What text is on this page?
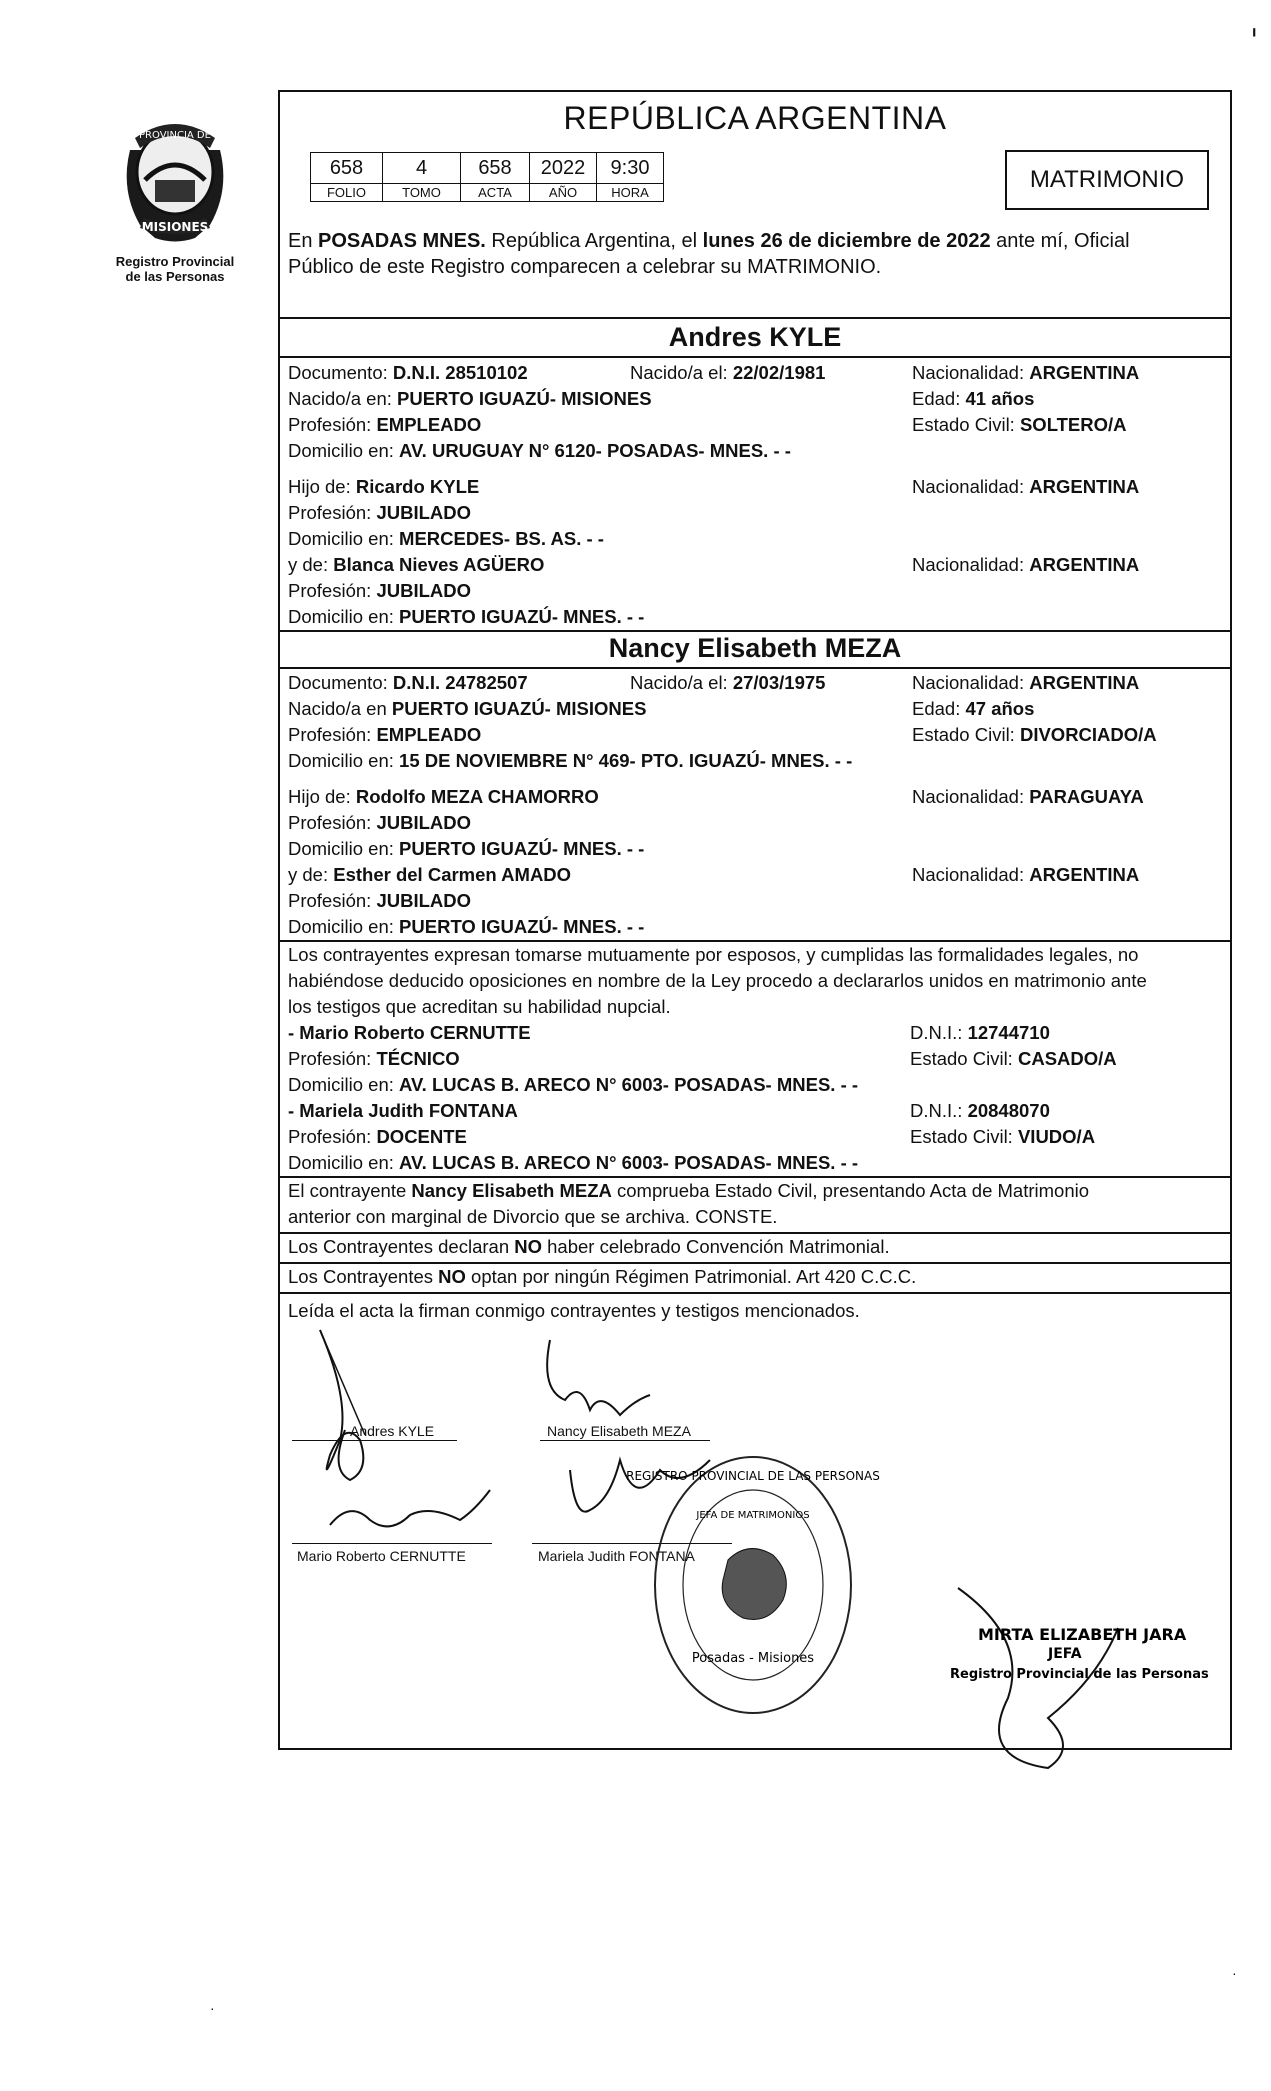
╻
PROVINCIA DE
MISIONES
Registro Provincial
de las Personas
REPÚBLICA ARGENTINA
658	4	658	2022	9:30
FOLIO	TOMO	ACTA	AÑO	HORA	MATRIMONIO
En POSADAS MNES. República Argentina, el lunes 26 de diciembre de 2022 ante mí, Oficial
Público de este Registro comparecen a celebrar su MATRIMONIO.
Andres KYLE
Documento: D.N.I. 28510102	Nacido/a el: 22/02/1981	Nacionalidad: ARGENTINA
Nacido/a en: PUERTO IGUAZÚ- MISIONES	Edad: 41 años
Profesión: EMPLEADO	Estado Civil: SOLTERO/A
Domicilio en: AV. URUGUAY N° 6120- POSADAS- MNES. - -
Hijo de: Ricardo KYLE	Nacionalidad: ARGENTINA
Profesión: JUBILADO
Domicilio en: MERCEDES- BS. AS. - -
y de: Blanca Nieves AGÜERO	Nacionalidad: ARGENTINA
Profesión: JUBILADO
Domicilio en: PUERTO IGUAZÚ- MNES. - -
Nancy Elisabeth MEZA
Documento: D.N.I. 24782507	Nacido/a el: 27/03/1975	Nacionalidad: ARGENTINA
Nacido/a en PUERTO IGUAZÚ- MISIONES	Edad: 47 años
Profesión: EMPLEADO	Estado Civil: DIVORCIADO/A
Domicilio en: 15 DE NOVIEMBRE N° 469- PTO. IGUAZÚ- MNES. - -
Hijo de: Rodolfo MEZA CHAMORRO	Nacionalidad: PARAGUAYA
Profesión: JUBILADO
Domicilio en: PUERTO IGUAZÚ- MNES. - -
y de: Esther del Carmen AMADO	Nacionalidad: ARGENTINA
Profesión: JUBILADO
Domicilio en: PUERTO IGUAZÚ- MNES. - -
Los contrayentes expresan tomarse mutuamente por esposos, y cumplidas las formalidades legales, no
habiéndose deducido oposiciones en nombre de la Ley procedo a declararlos unidos en matrimonio ante
los testigos que acreditan su habilidad nupcial.
- Mario Roberto CERNUTTE	D.N.I.: 12744710
Profesión: TÉCNICO	Estado Civil: CASADO/A
Domicilio en: AV. LUCAS B. ARECO N° 6003- POSADAS- MNES. - -
- Mariela Judith FONTANA	D.N.I.: 20848070
Profesión: DOCENTE	Estado Civil: VIUDO/A
Domicilio en: AV. LUCAS B. ARECO N° 6003- POSADAS- MNES. - -
El contrayente Nancy Elisabeth MEZA comprueba Estado Civil, presentando Acta de Matrimonio
anterior con marginal de Divorcio que se archiva. CONSTE.
Los Contrayentes declaran NO haber celebrado Convención Matrimonial.
Los Contrayentes NO optan por ningún Régimen Patrimonial. Art 420 C.C.C.
Leída el acta la firman conmigo contrayentes y testigos mencionados.
Andres KYLE	Nancy Elisabeth MEZA
Mario Roberto CERNUTTE	Mariela Judith FONTANA
REGISTRO PROVINCIAL DE LAS PERSONAS
JEFA DE MATRIMONIOS
Posadas - Misiones
MIRTA ELIZABETH JARA
JEFA
Registro Provincial de las Personas
·
·
